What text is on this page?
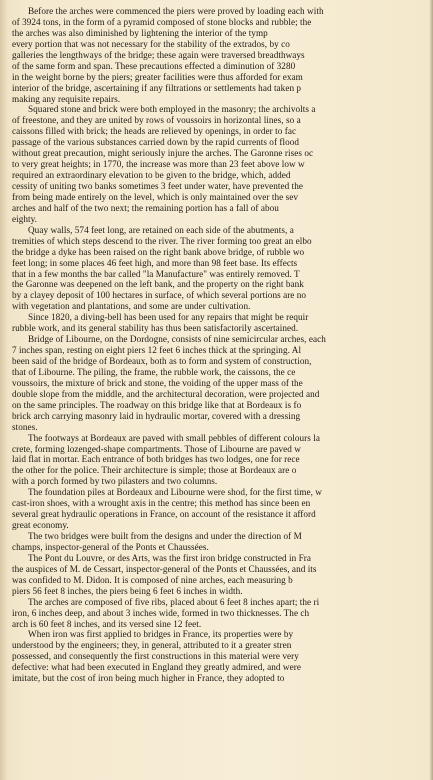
Before the arches were commenced the piers were proved by loading each with
of 3924 tons, in the form of a pyramid composed of stone blocks and rubble; the
the arches was also diminished by lightening the interior of the tymp
every portion that was not necessary for the stability of the extrados, by co
galleries the lengthways of the bridge; these again were traversed breadthways
of the same form and span. These precautions effected a diminution of 3280
in the weight borne by the piers; greater facilities were thus afforded for exam
interior of the bridge, ascertaining if any filtrations or settlements had taken p
making any requisite repairs.
Squared stone and brick were both employed in the masonry; the archivolts a
of freestone, and they are united by rows of voussoirs in horizontal lines, so a
caissons filled with brick; the heads are relieved by openings, in order to fac
passage of the various substances carried down by the rapid currents of flood
without great precaution, might seriously injure the arches. The Garonne rises oc
to very great heights; in 1770, the increase was more than 23 feet above low w
required an extraordinary elevation to be given to the bridge, which, added
cessity of uniting two banks sometimes 3 feet under water, have prevented the
from being made entirely on the level, which is only maintained over the sev
arches and half of the two next; the remaining portion has a fall of abou
eighty.
Quay walls, 574 feet long, are retained on each side of the abutments, a
tremities of which steps descend to the river. The river forming too great an elbo
the bridge a dyke has been raised on the right bank above bridge, of rubble wo
feet long; in some places 46 feet high, and more than 98 feet base. Its effects
that in a few months the bar called "la Manufacture" was entirely removed. T
the Garonne was deepened on the left bank, and the property on the right bank
by a clayey deposit of 100 hectares in surface, of which several portions are no
with vegetation and plantations, and some are under cultivation.
Since 1820, a diving-bell has been used for any repairs that might be requir
rubble work, and its general stability has thus been satisfactorily ascertained.
Bridge of Libourne, on the Dordogne, consists of nine semicircular arches, each
7 inches span, resting on eight piers 12 feet 6 inches thick at the springing. Al
been said of the bridge of Bordeaux, both as to form and system of construction,
that of Libourne. The piling, the frame, the rubble work, the caissons, the ce
voussoirs, the mixture of brick and stone, the voiding of the upper mass of the
double slope from the middle, and the architectural decoration, were projected and
on the same principles. The roadway on this bridge like that at Bordeaux is fo
brick arch carrying masonry laid in hydraulic mortar, covered with a dressing
stones.
The footways at Bordeaux are paved with small pebbles of different colours la
crete, forming lozenged-shape compartments. Those of Libourne are paved w
laid flat in mortar. Each entrance of both bridges has two lodges, one for rece
the other for the police. Their architecture is simple; those at Bordeaux are o
with a porch formed by two pilasters and two columns.
The foundation piles at Bordeaux and Libourne were shod, for the first time, w
cast-iron shoes, with a wrought axis in the centre; this method has since been en
several great hydraulic operations in France, on account of the resistance it afford
great economy.
The two bridges were built from the designs and under the direction of M
champs, inspector-general of the Ponts et Chaussées.
The Pont du Louvre, or des Arts, was the first iron bridge constructed in Fra
the auspices of M. de Cessart, inspector-general of the Ponts et Chaussées, and its
was confided to M. Didon. It is composed of nine arches, each measuring b
piers 56 feet 8 inches, the piers being 6 feet 6 inches in width.
The arches are composed of five ribs, placed about 6 feet 8 inches apart; the ri
iron, 6 inches deep, and about 3 inches wide, formed in two thicknesses. The ch
arch is 60 feet 8 inches, and its versed sine 12 feet.
When iron was first applied to bridges in France, its properties were by
understood by the engineers; they, in general, attributed to it a greater stren
possessed, and consequently the first constructions in this material were very
defective: what had been executed in England they greatly admired, and were
imitate, but the cost of iron being much higher in France, they adopted to
